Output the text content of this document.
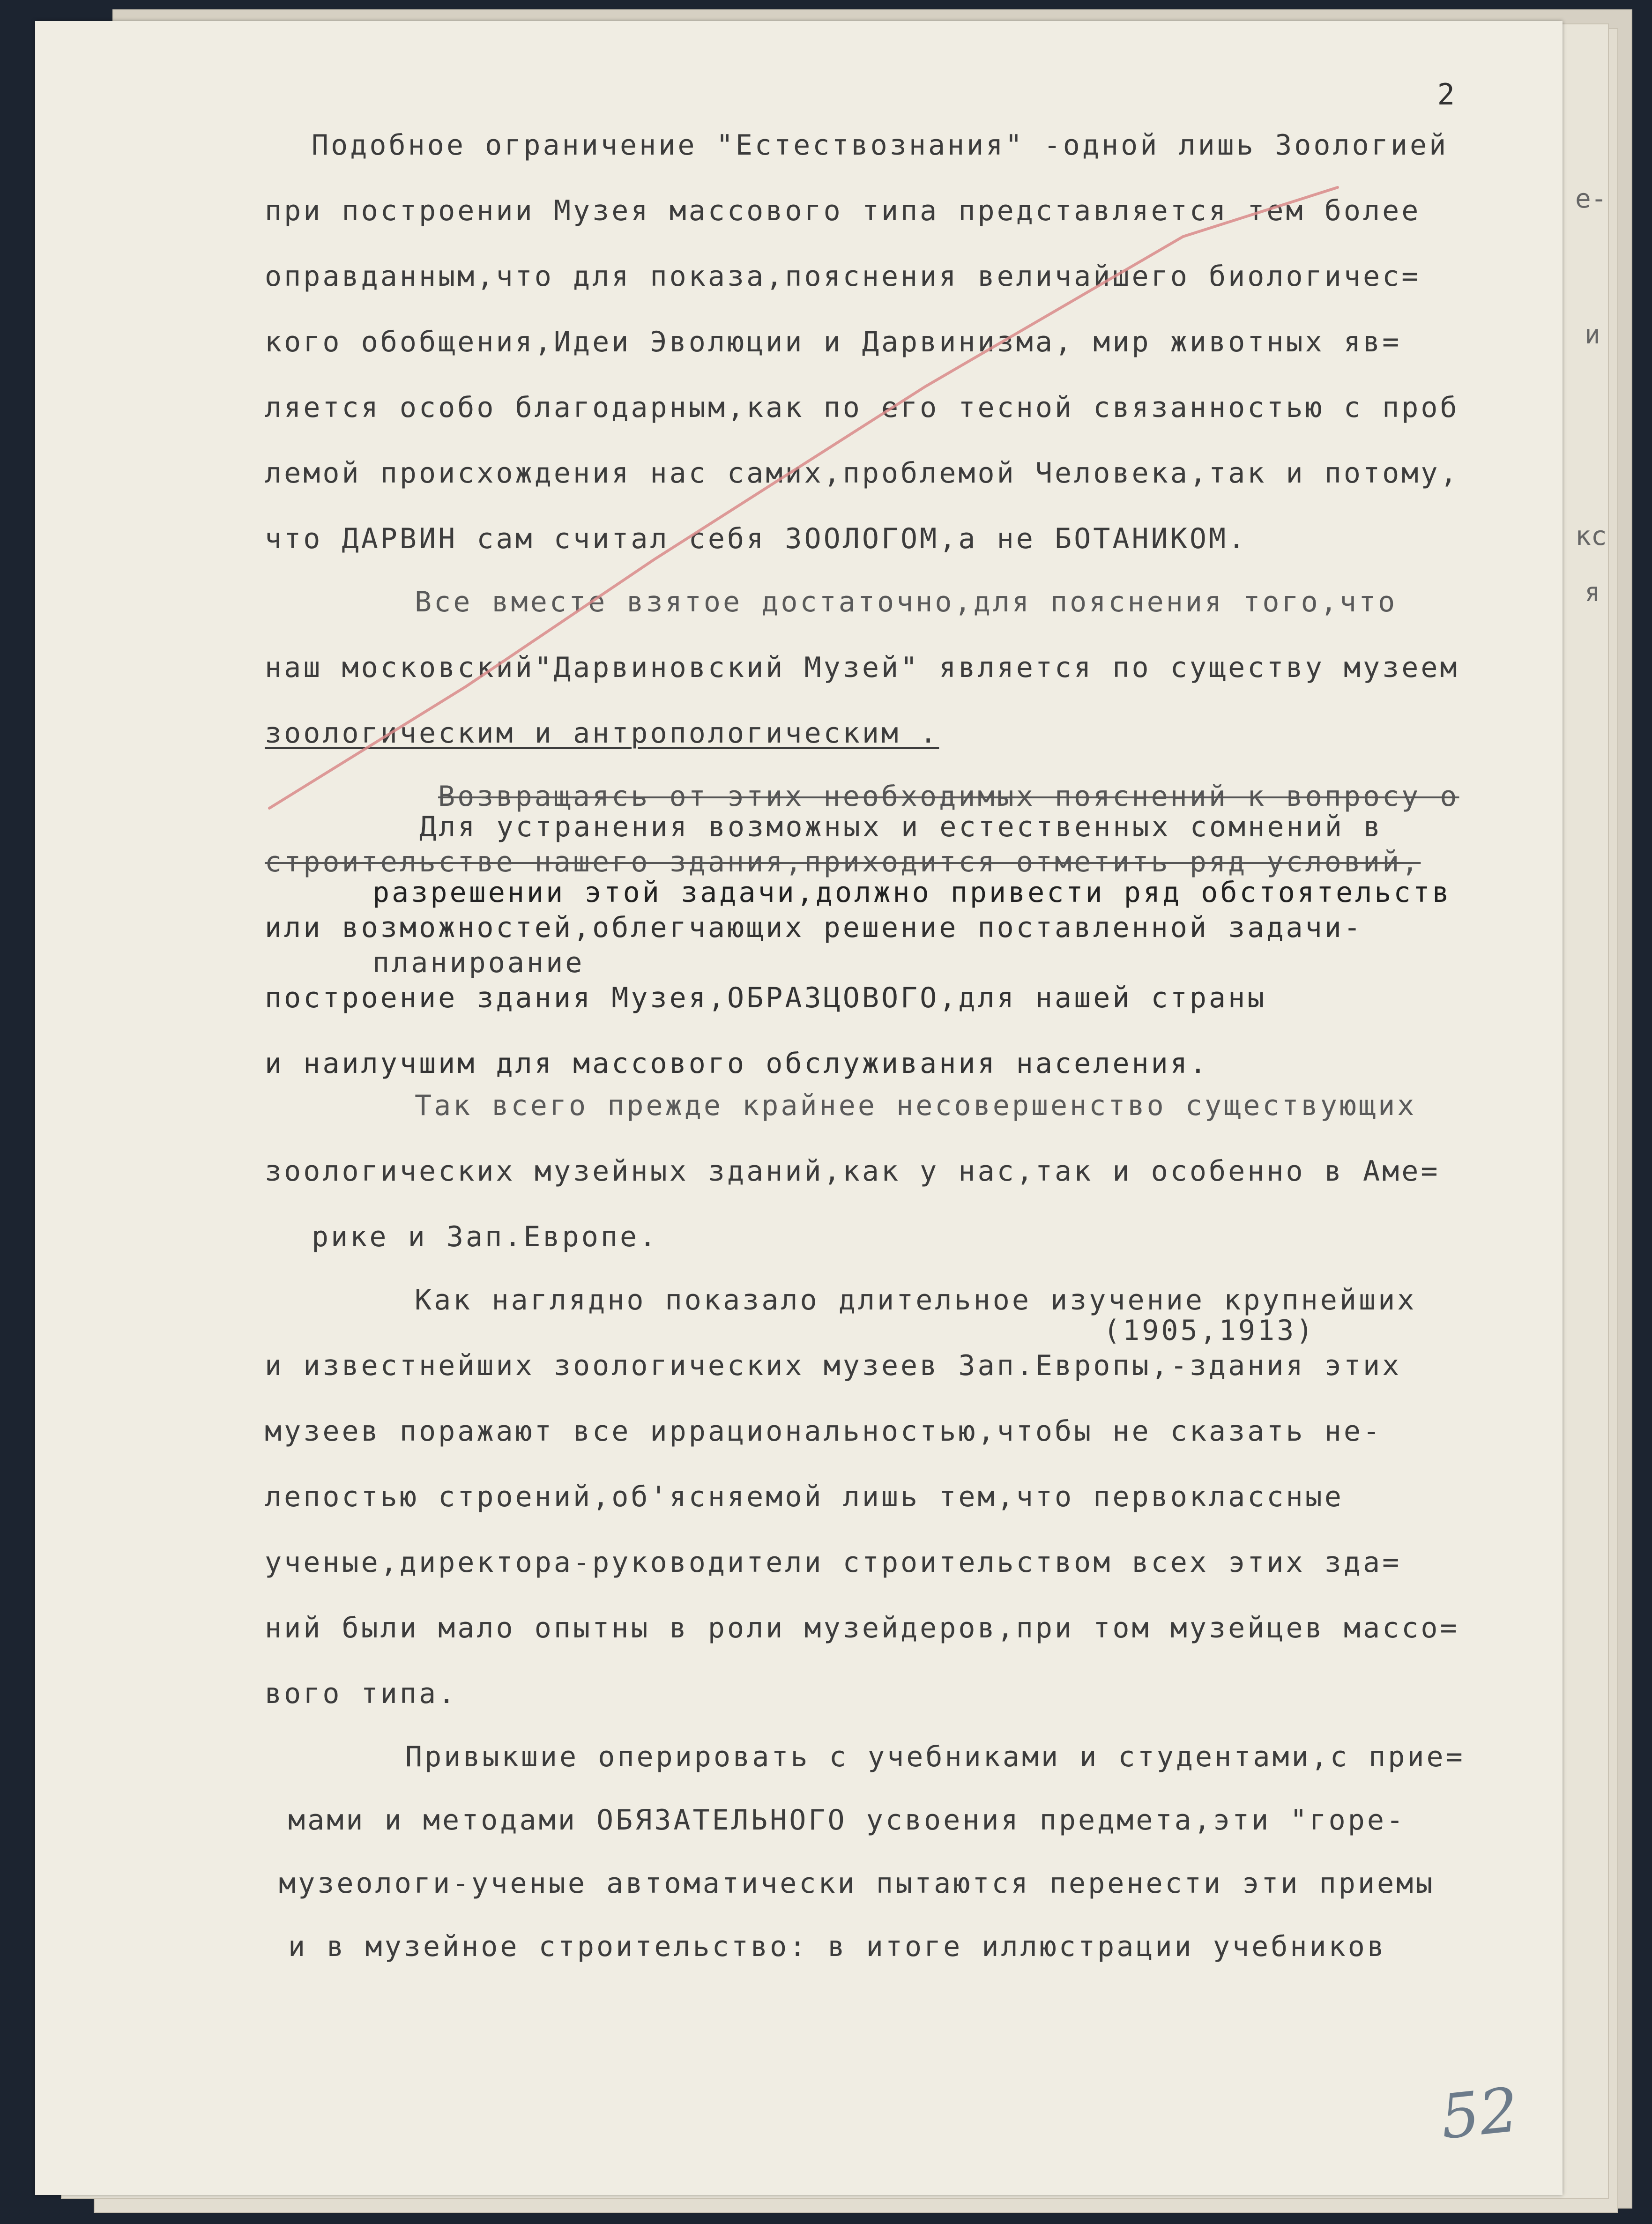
е-
и
кс
я
2
Подобное ограничение "Естествознания" -одной лишь Зоологией
при построении Музея массового типа представляется тем более
оправданным,что для показа,пояснения величайшего биологичес=
кого обобщения,Идеи Эволюции и Дарвинизма, мир животных яв=
ляется особо благодарным,как по его тесной связанностью с проб
лемой происхождения нас самих,проблемой Человека,так и потому,
что ДАРВИН сам считал себя ЗООЛОГОМ,а не БОТАНИКОМ.
Все вместе взятое достаточно,для пояснения того,что
наш московский"Дарвиновский Музей" является по существу музеем
зоологическим и антропологическим .
Возвращаясь от этих необходимых пояснений к вопросу о
Для устранения возможных и естественных сомнений в
строительстве нашего здания,приходится отметить ряд условий,
разрешении этой задачи,должно привести ряд обстоятельств
или возможностей,облегчающих решение поставленной задачи-
планироание
построение здания Музея,ОБРАЗЦОВОГО,для нашей страны
и наилучшим для массового обслуживания населения.
Так всего прежде крайнее несовершенство существующих
зоологических музейных зданий,как у нас,так и особенно в Аме=
рике и Зап.Европе.
Как наглядно показало длительное изучение крупнейших
(1905,1913)
и известнейших зоологических музеев Зап.Европы,-здания этих
музеев поражают все иррациональностью,чтобы не сказать не-
лепостью строений,об'ясняемой лишь тем,что первоклассные
ученые,директора-руководители строительством всех этих зда=
ний были мало опытны в роли музейдеров,при том музейцев массо=
вого типа.
Привыкшие оперировать с учебниками и студентами,с прие=
мами и методами ОБЯЗАТЕЛЬНОГО усвоения предмета,эти "горе-
музеологи-ученые автоматически пытаются перенести эти приемы
и в музейное строительство: в итоге иллюстрации учебников
52
